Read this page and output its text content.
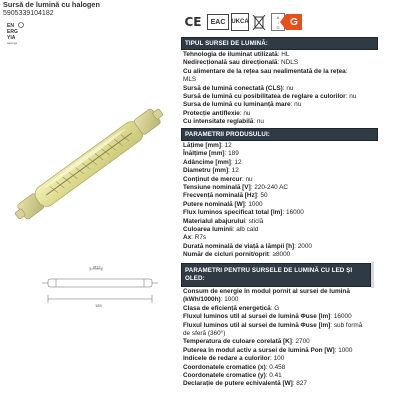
Sursă de lumină cu halogen
5905339104182
EN
ERG
YIA
savings
Ø12
189
CE	EAC UK CA
A
↓
G	G
TIPUL SURSEI DE LUMINĂ:
Tehnologia de iluminat utilizată: HL
Nedirecțională sau direcțională: NDLS
Cu alimentare de la rețea sau nealimentată de la rețea:
MLS
Sursă de lumină conectată (CLS): nu
Sursă de lumină cu posibilitatea de reglare a culorilor: nu
Sursa de lumină cu luminanță mare: nu
Protecție antiflexie: nu
Cu intensitate reglabilă: nu
PARAMETRII PRODUSULUI:
Lățime [mm]: 12
Înălțime [mm]: 189
Adâncime [mm]: 12
Diametru [mm]: 12
Conținut de mercur: nu
Tensiune nominală [V]: 220-240 AC
Frecvență nominală [Hz]: 50
Putere nominală [W]: 1000
Flux luminos specificat total [lm]: 16000
Materialul abajurului: sticlă
Culoarea luminii: alb cald
Ax: R7s
Durată nominală de viață a lămpii [h]: 2000
Număr de cicluri pornit/oprit: ≥8000
PARAMETRI PENTRU SURSELE DE LUMINĂ CU LED ȘI OLED:
Consum de energie în modul pornit al sursei de lumină (kWh/1000h): 1000
Clasa de eficiență energetică: G
Fluxul luminos util al sursei de lumină Φuse [lm]: 16000
Fluxul luminos util al sursei de lumină Φuse [lm]: sub formă de sferă (360°)
Temperatura de culoare corelată [K]: 2700
Puterea în modul activ a sursei de lumină Pon [W]: 1000
Indicele de redare a culorilor: 100
Coordonatele cromatice (x): 0.458
Coordonatele cromatice (y): 0.41
Declarație de putere echivalentă [W]: 827
